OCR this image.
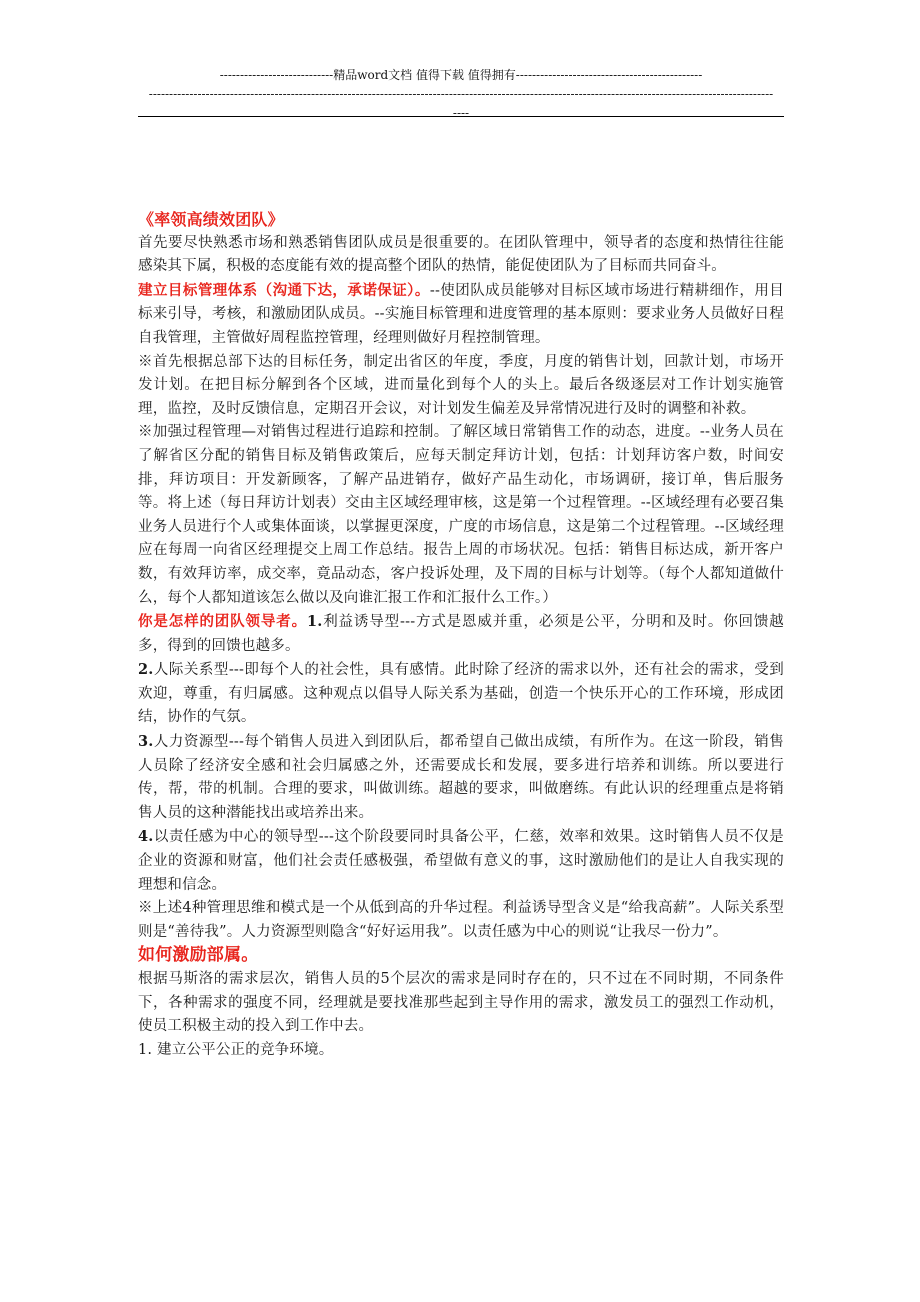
----------------------------精品word文档 值得下载 值得拥有----------------------------------------------
----------------------------------------------------------------------------------------------------------------------------------------------------------
----

《率领高绩效团队》

首先要尽快熟悉市场和熟悉销售团队成员是很重要的。在团队管理中，领导者的态度和热情往往能感染其下属，积极的态度能有效的提高整个团队的热情，能促使团队为了目标而共同奋斗。

建立目标管理体系（沟通下达，承诺保证）。--使团队成员能够对目标区域市场进行精耕细作，用目标来引导，考核，和激励团队成员。--实施目标管理和进度管理的基本原则：要求业务人员做好日程自我管理，主管做好周程监控管理，经理则做好月程控制管理。

※首先根据总部下达的目标任务，制定出省区的年度，季度，月度的销售计划，回款计划，市场开发计划。在把目标分解到各个区域，进而量化到每个人的头上。最后各级逐层对工作计划实施管理，监控，及时反馈信息，定期召开会议，对计划发生偏差及异常情况进行及时的调整和补救。

※加强过程管理—对销售过程进行追踪和控制。了解区域日常销售工作的动态，进度。--业务人员在了解省区分配的销售目标及销售政策后，应每天制定拜访计划，包括：计划拜访客户数，时间安排，拜访项目：开发新顾客，了解产品进销存，做好产品生动化，市场调研，接订单，售后服务等。将上述（每日拜访计划表）交由主区域经理审核，这是第一个过程管理。--区域经理有必要召集业务人员进行个人或集体面谈，以掌握更深度，广度的市场信息，这是第二个过程管理。--区域经理应在每周一向省区经理提交上周工作总结。报告上周的市场状况。包括：销售目标达成，新开客户数，有效拜访率，成交率，竟品动态，客户投诉处理，及下周的目标与计划等。（每个人都知道做什么，每个人都知道该怎么做以及向谁汇报工作和汇报什么工作。）

你是怎样的团队领导者。1.利益诱导型---方式是恩威并重，必须是公平，分明和及时。你回馈越多，得到的回馈也越多。

2.人际关系型---即每个人的社会性，具有感情。此时除了经济的需求以外，还有社会的需求，受到欢迎，尊重，有归属感。这种观点以倡导人际关系为基础，创造一个快乐开心的工作环境，形成团结，协作的气氛。

3.人力资源型---每个销售人员进入到团队后，都希望自己做出成绩，有所作为。在这一阶段，销售人员除了经济安全感和社会归属感之外，还需要成长和发展，要多进行培养和训练。所以要进行传，帮，带的机制。合理的要求，叫做训练。超越的要求，叫做磨练。有此认识的经理重点是将销售人员的这种潜能找出或培养出来。

4.以责任感为中心的领导型---这个阶段要同时具备公平，仁慈，效率和效果。这时销售人员不仅是企业的资源和财富，他们社会责任感极强，希望做有意义的事，这时激励他们的是让人自我实现的理想和信念。

※上述4种管理思维和模式是一个从低到高的升华过程。利益诱导型含义是“给我高薪”。人际关系型则是“善待我”。人力资源型则隐含“好好运用我”。以责任感为中心的则说“让我尽一份力”。

如何激励部属。

根据马斯洛的需求层次，销售人员的5个层次的需求是同时存在的，只不过在不同时期，不同条件下，各种需求的强度不同，经理就是要找准那些起到主导作用的需求，激发员工的强烈工作动机，使员工积极主动的投入到工作中去。

1. 建立公平公正的竞争环境。
